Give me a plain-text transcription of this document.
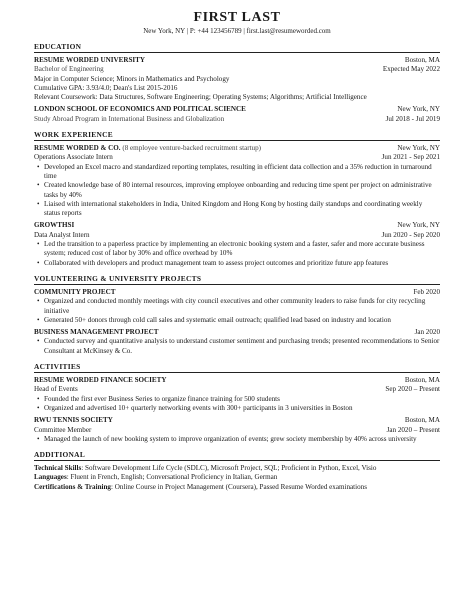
FIRST LAST
New York, NY | P: +44 123456789 | first.last@resumeworded.com
EDUCATION
RESUME WORDED UNIVERSITY	Boston, MA
Bachelor of Engineering	Expected May 2022
Major in Computer Science; Minors in Mathematics and Psychology
Cumulative GPA: 3.93/4.0; Dean's List 2015-2016
Relevant Coursework: Data Structures, Software Engineering; Operating Systems; Algorithms; Artificial Intelligence
LONDON SCHOOL OF ECONOMICS AND POLITICAL SCIENCE	New York, NY
Study Abroad Program in International Business and Globalization	Jul 2018 - Jul 2019
WORK EXPERIENCE
RESUME WORDED & CO. (8 employee venture-backed recruitment startup)	New York, NY
Operations Associate Intern	Jun 2021 - Sep 2021
• Developed an Excel macro and standardized reporting templates, resulting in efficient data collection and a 35% reduction in turnaround time
• Created knowledge base of 80 internal resources, improving employee onboarding and reducing time spent per project on administrative tasks by 40%
• Liaised with international stakeholders in India, United Kingdom and Hong Kong by hosting daily standups and coordinating weekly status reports
GROWTHSI	New York, NY
Data Analyst Intern	Jun 2020 - Sep 2020
• Led the transition to a paperless practice by implementing an electronic booking system and a faster, safer and more accurate business system; reduced cost of labor by 30% and office overhead by 10%
• Collaborated with developers and product management team to assess project outcomes and prioritize future app features
VOLUNTEERING & UNIVERSITY PROJECTS
COMMUNITY PROJECT	Feb 2020
• Organized and conducted monthly meetings with city council executives and other community leaders to raise funds for city recycling initiative
• Generated 50+ donors through cold call sales and systematic email outreach; qualified lead based on industry and location
BUSINESS MANAGEMENT PROJECT	Jan 2020
• Conducted survey and quantitative analysis to understand customer sentiment and purchasing trends; presented recommendations to Senior Consultant at McKinsey & Co.
ACTIVITIES
RESUME WORDED FINANCE SOCIETY	Boston, MA
Head of Events	Sep 2020 – Present
• Founded the first ever Business Series to organize finance training for 500 students
• Organized and advertised 10+ quarterly networking events with 300+ participants in 3 universities in Boston
RWU TENNIS SOCIETY	Boston, MA
Committee Member	Jan 2020 – Present
• Managed the launch of new booking system to improve organization of events; grew society membership by 40% across university
ADDITIONAL
Technical Skills: Software Development Life Cycle (SDLC), Microsoft Project, SQL; Proficient in Python, Excel, Visio
Languages: Fluent in French, English; Conversational Proficiency in Italian, German
Certifications & Training: Online Course in Project Management (Coursera), Passed Resume Worded examinations
